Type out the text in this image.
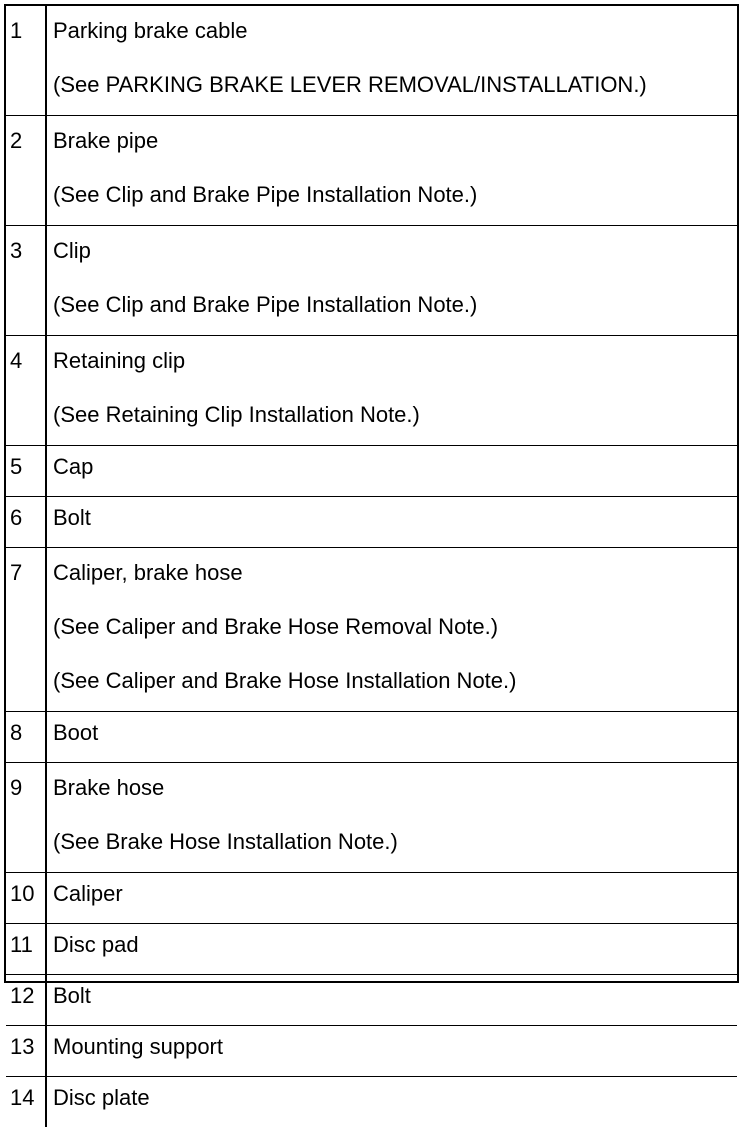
1	Parking brake cable
(See PARKING BRAKE LEVER REMOVAL/INSTALLATION.)

2	Brake pipe
(See Clip and Brake Pipe Installation Note.)

3	Clip
(See Clip and Brake Pipe Installation Note.)

4	Retaining clip
(See Retaining Clip Installation Note.)

5	Cap

6	Bolt

7	Caliper, brake hose
(See Caliper and Brake Hose Removal Note.)
(See Caliper and Brake Hose Installation Note.)

8	Boot

9	Brake hose
(See Brake Hose Installation Note.)

10	Caliper

11	Disc pad

12	Bolt

13	Mounting support

14	Disc plate
